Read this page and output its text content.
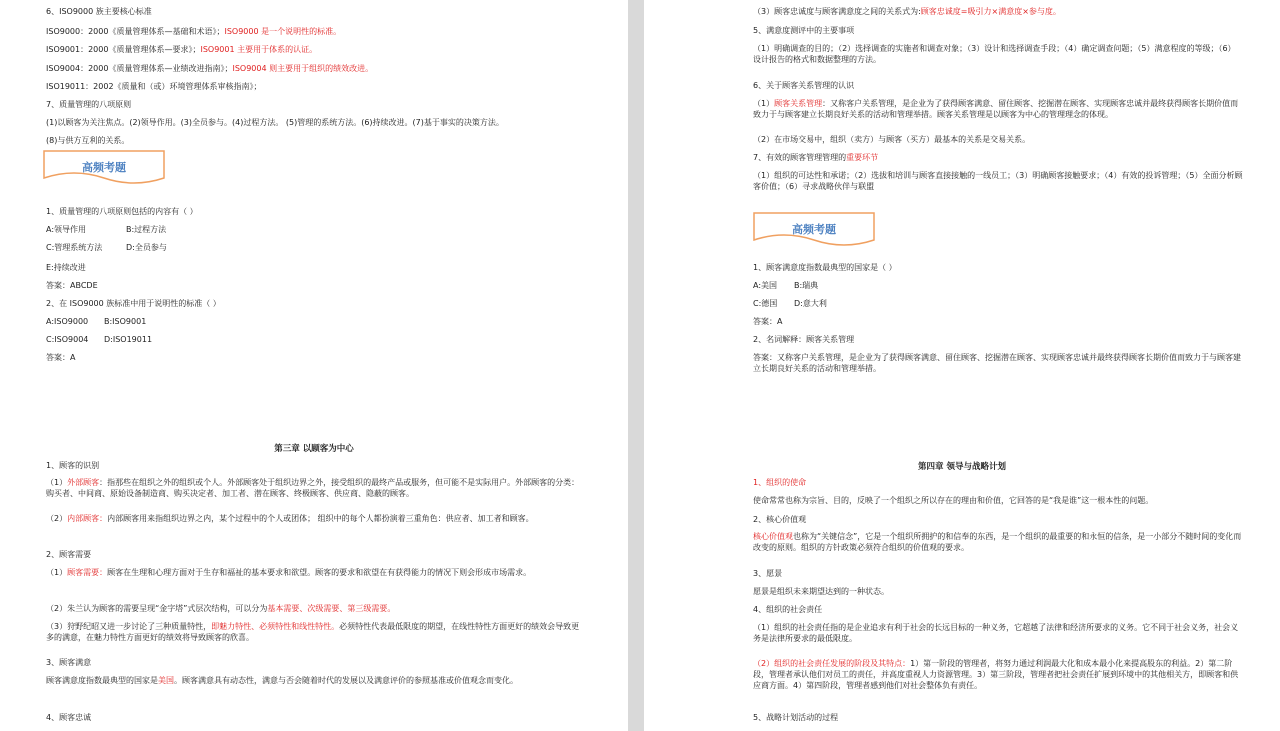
6、ISO9000 族主要核心标准
ISO9000：2000《质量管理体系—基础和术语》；ISO9000 是一个说明性的标准。
ISO9001：2000《质量管理体系—要求》；ISO9001 主要用于体系的认证。
ISO9004：2000《质量管理体系—业绩改进指南》；ISO9004 则主要用于组织的绩效改进。
ISO19011：2002《质量和（或）环境管理体系审核指南》；
7、质量管理的八项原则
(1)以顾客为关注焦点。(2)领导作用。(3)全员参与。(4)过程方法。 (5)管理的系统方法。(6)持续改进。(7)基于事实的决策方法。
(8)与供方互利的关系。
高频考题
1、质量管理的八项原则包括的内容有（ ）
A:领导作用	B:过程方法
C:管理系统方法	D:全员参与
E:持续改进
答案：ABCDE
2、在 ISO9000 族标准中用于说明性的标准（ ）
A:ISO9000 B:ISO9001
C:ISO9004 D:ISO19011
答案：A
第三章 以顾客为中心
1、顾客的识别
（1）外部顾客：指那些在组织之外的组织或个人。外部顾客处于组织边界之外，接受组织的最终产品或服务，但可能不是实际用户。外部顾客的分类：购买者、中间商、原始设备制造商、购买决定者、加工者、潜在顾客、终极顾客、供应商、隐蔽的顾客。
（2）内部顾客：内部顾客用来指组织边界之内，某个过程中的个人或团体； 组织中的每个人都扮演着三重角色：供应者、加工者和顾客。
2、顾客需要
（1）顾客需要：顾客在生理和心理方面对于生存和福祉的基本要求和欲望。顾客的要求和欲望在有获得能力的情况下则会形成市场需求。
（2）朱兰认为顾客的需要呈现“金字塔”式层次结构，可以分为基本需要、次级需要、第三级需要。
（3）狩野纪昭又进一步讨论了三种质量特性，即魅力特性、必须特性和线性特性。必须特性代表最低限度的期望，在线性特性方面更好的绩效会导致更多的满意，在魅力特性方面更好的绩效将导致顾客的欣喜。
3、顾客满意
顾客满意度指数最典型的国家是美国。顾客满意具有动态性，满意与否会随着时代的发展以及满意评价的参照基准或价值观念而变化。
4、顾客忠诚
（3）顾客忠诚度与顾客满意度之间的关系式为:顾客忠诚度=吸引力×满意度×参与度。
5、满意度测评中的主要事项
（1）明确调查的目的；（2）选择调查的实施者和调查对象；（3）设计和选择调查手段；（4）确定调查问题；（5）满意程度的等级；（6）设计报告的格式和数据整理的方法。
6、关于顾客关系管理的认识
（1）顾客关系管理：又称客户关系管理，是企业为了获得顾客满意、留住顾客、挖掘潜在顾客、实现顾客忠诚并最终获得顾客长期价值而致力于与顾客建立长期良好关系的活动和管理举措。顾客关系管理是以顾客为中心的管理理念的体现。
（2）在市场交易中，组织（卖方）与顾客（买方）最基本的关系是交易关系。
7、有效的顾客管理管理的重要环节
（1）组织的可达性和承诺；（2）选拔和培训与顾客直接接触的一线员工；（3）明确顾客接触要求；（4）有效的投诉管理；（5）全面分析顾客价值；（6）寻求战略伙伴与联盟
高频考题
1、顾客满意度指数最典型的国家是（ ）
A:美国 B:瑞典
C:德国 D:意大利
答案：A
2、名词解释：顾客关系管理
答案：又称客户关系管理，是企业为了获得顾客满意、留住顾客、挖掘潜在顾客、实现顾客忠诚并最终获得顾客长期价值而致力于与顾客建立长期良好关系的活动和管理举措。
第四章 领导与战略计划
1、组织的使命
使命常常也称为宗旨、目的，反映了一个组织之所以存在的理由和价值，它回答的是“我是谁”这一根本性的问题。
2、核心价值观
核心价值观也称为“关键信念”，它是一个组织所拥护的和信奉的东西，是一个组织的最重要的和永恒的信条，是一小部分不随时间的变化而改变的原则。组织的方针政策必须符合组织的价值观的要求。
3、愿景
愿景是组织未来期望达到的一种状态。
4、组织的社会责任
（1）组织的社会责任指的是企业追求有利于社会的长远目标的一种义务，它超越了法律和经济所要求的义务。它不同于社会义务，社会义务是法律所要求的最低限度。
（2）组织的社会责任发展的阶段及其特点：1）第一阶段的管理者，将努力通过利润最大化和成本最小化来提高股东的利益。2）第二阶段，管理者承认他们对员工的责任，并高度重视人力资源管理。3）第三阶段，管理者把社会责任扩展到环境中的其他相关方，即顾客和供应商方面。4）第四阶段，管理者感到他们对社会整体负有责任。
5、战略计划活动的过程
